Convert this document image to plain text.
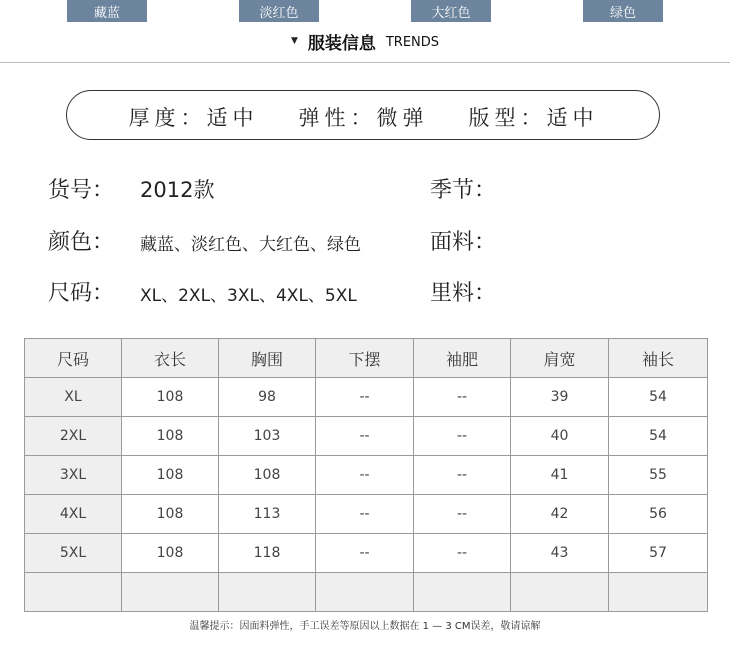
藏蓝	淡红色	大红色	绿色
▼ 服装信息 TRENDS
厚度：适中 弹性：微弹 版型：适中
货号： 2012款	季节：
颜色： 藏蓝、淡红色、大红色、绿色	面料：
尺码： XL、2XL、3XL、4XL、5XL	里料：
尺码	衣长	胸围	下摆	袖肥	肩宽	袖长
XL	108	98	--	--	39	54
2XL	108	103	--	--	40	54
3XL	108	108	--	--	41	55
4XL	108	113	--	--	42	56
5XL	108	118	--	--	43	57

温馨提示：因面料弹性，手工误差等原因以上数据在 1 — 3 CM误差，敬请谅解
